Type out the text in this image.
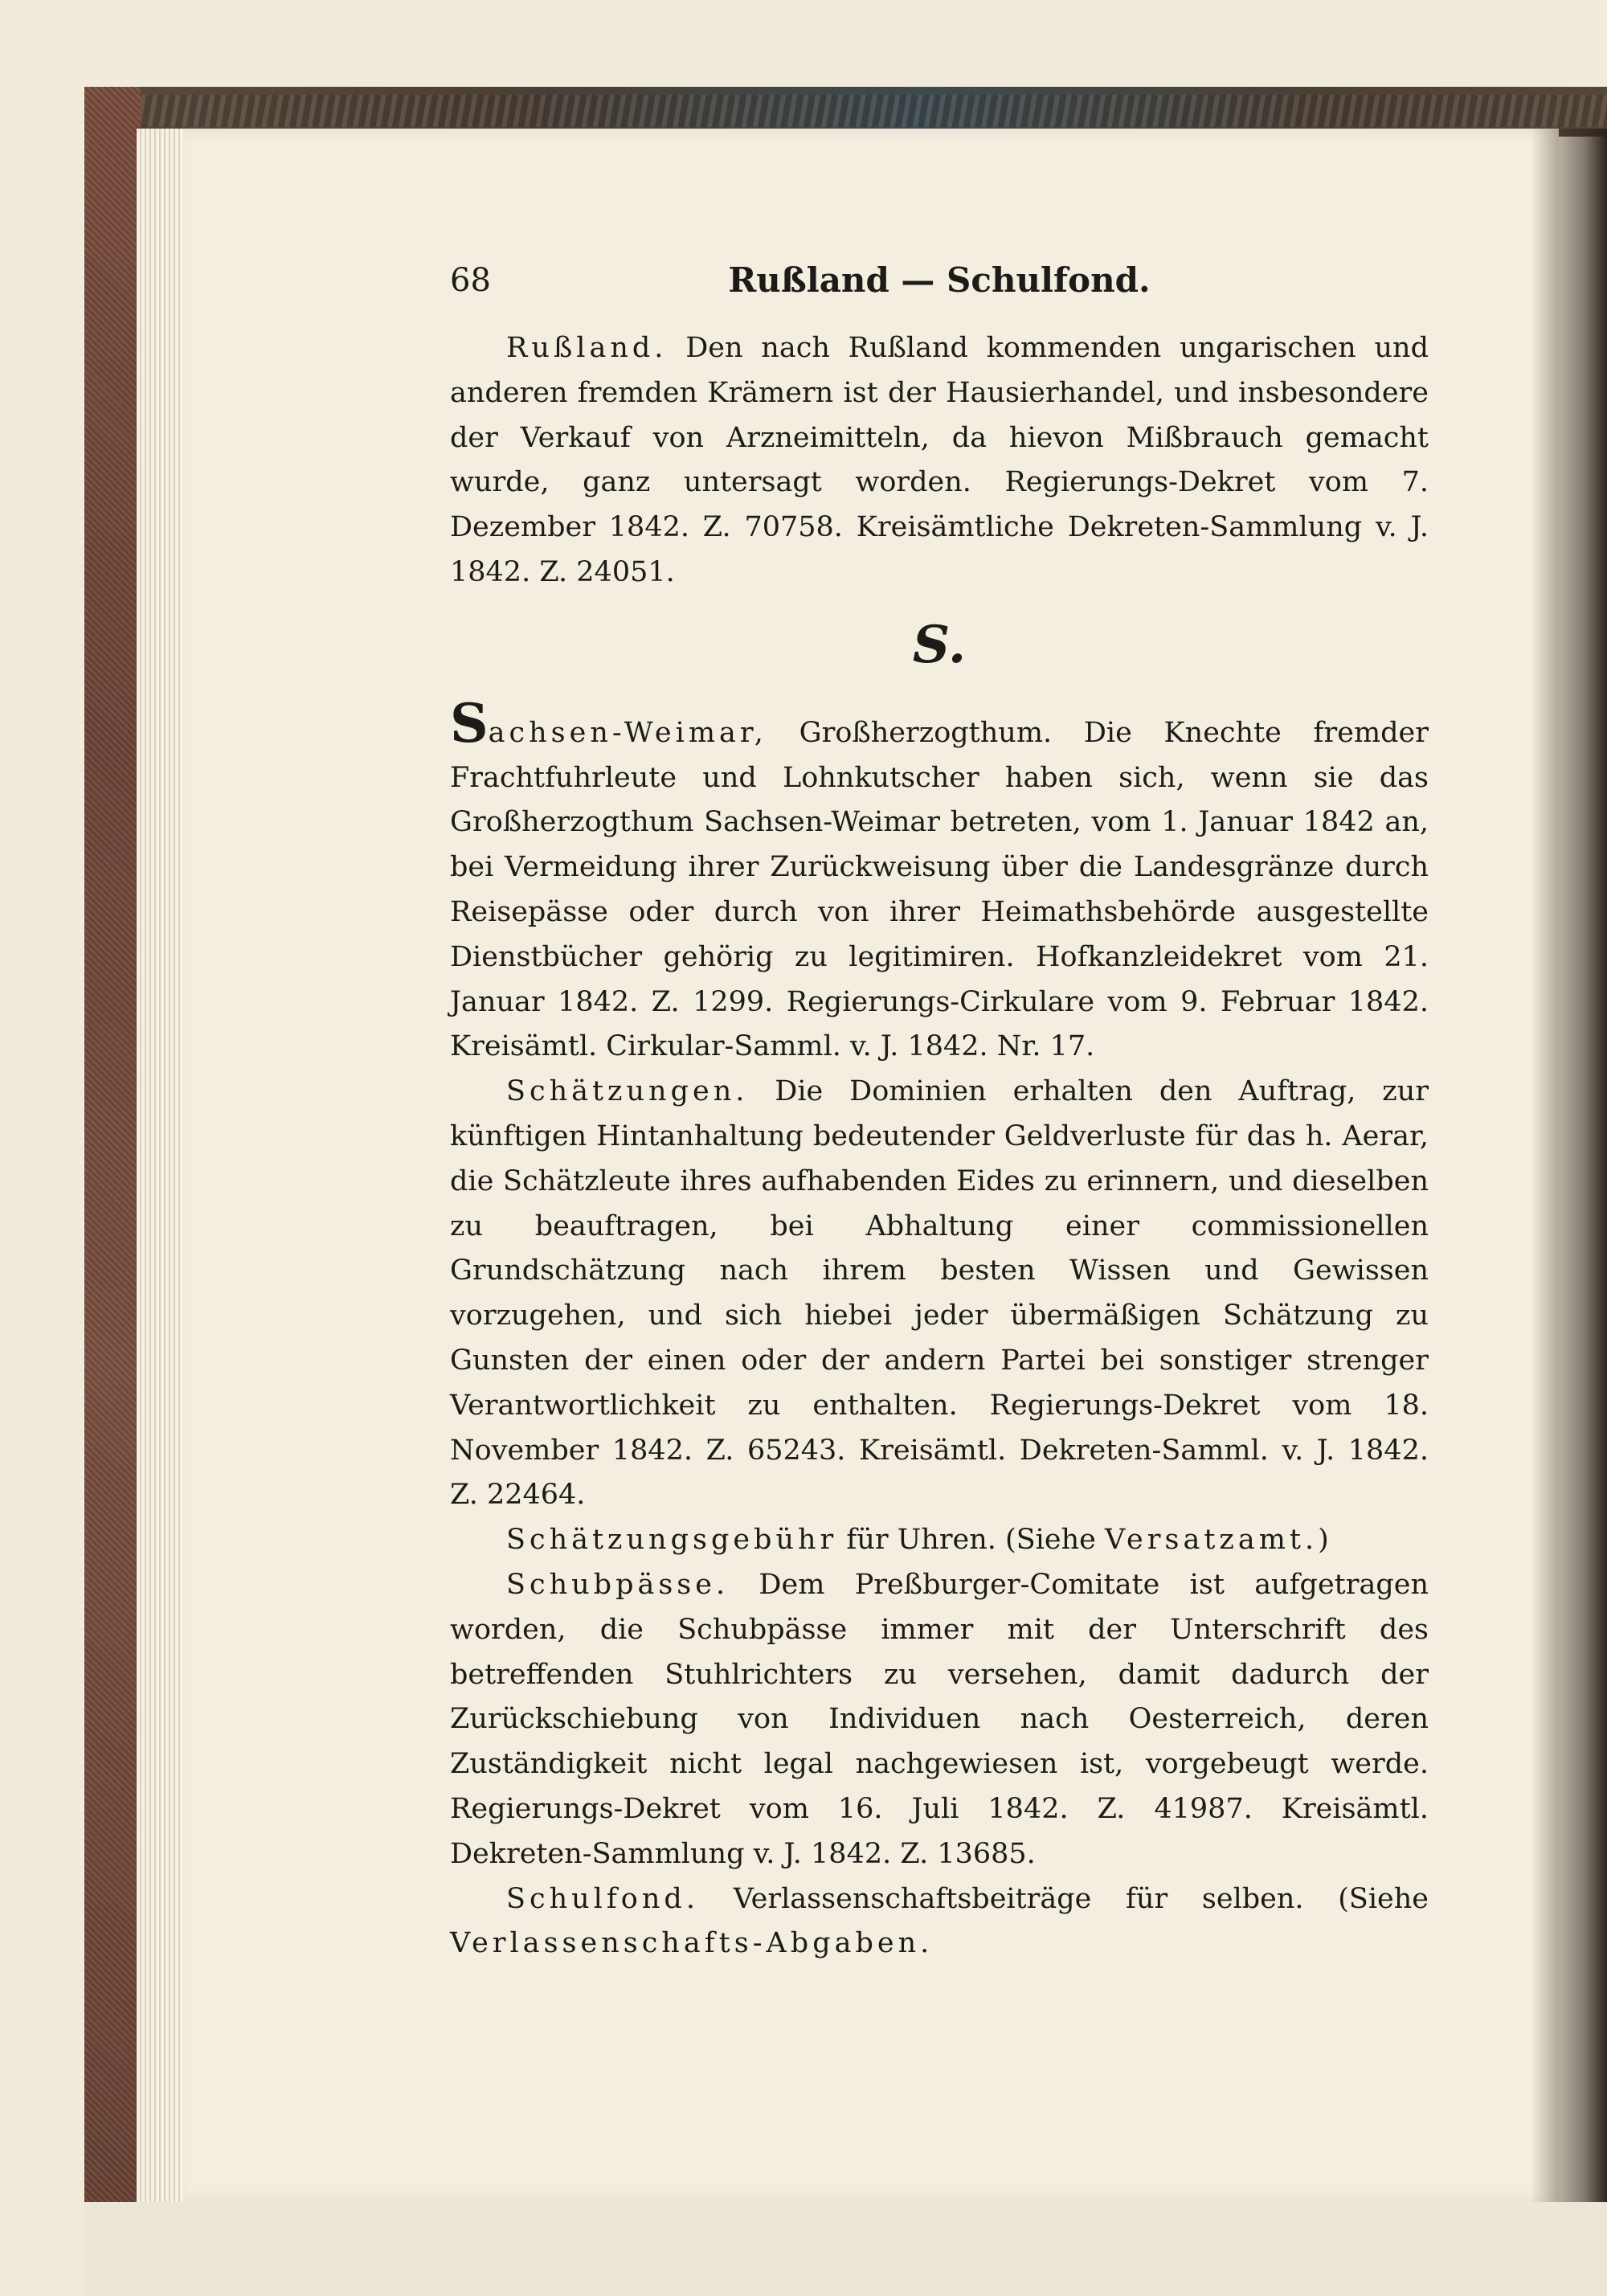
68	Rußland — Schulfond.

Rußland. Den nach Rußland kommenden ungarischen und anderen fremden Krämern ist der Hausierhandel, und insbesondere der Verkauf von Arzneimitteln, da hievon Mißbrauch gemacht wurde, ganz untersagt worden. Regierungs-Dekret vom 7. Dezember 1842. Z. 70758. Kreisämtliche Dekreten-Sammlung v. J. 1842. Z. 24051.

S.

Sachsen-Weimar, Großherzogthum. Die Knechte fremder Frachtfuhrleute und Lohnkutscher haben sich, wenn sie das Großherzogthum Sachsen-Weimar betreten, vom 1. Januar 1842 an, bei Vermeidung ihrer Zurückweisung über die Landesgränze durch Reisepässe oder durch von ihrer Heimathsbehörde ausgestellte Dienstbücher gehörig zu legitimiren. Hofkanzleidekret vom 21. Januar 1842. Z. 1299. Regierungs-Cirkulare vom 9. Februar 1842. Kreisämtl. Cirkular-Samml. v. J. 1842. Nr. 17.

Schätzungen. Die Dominien erhalten den Auftrag, zur künftigen Hintanhaltung bedeutender Geldverluste für das h. Aerar, die Schätzleute ihres aufhabenden Eides zu erinnern, und dieselben zu beauftragen, bei Abhaltung einer commissionellen Grundschätzung nach ihrem besten Wissen und Gewissen vorzugehen, und sich hiebei jeder übermäßigen Schätzung zu Gunsten der einen oder der andern Partei bei sonstiger strenger Verantwortlichkeit zu enthalten. Regierungs-Dekret vom 18. November 1842. Z. 65243. Kreisämtl. Dekreten-Samml. v. J. 1842. Z. 22464.

Schätzungsgebühr für Uhren. (Siehe Versatzamt.)

Schubpässe. Dem Preßburger-Comitate ist aufgetragen worden, die Schubpässe immer mit der Unterschrift des betreffenden Stuhlrichters zu versehen, damit dadurch der Zurückschiebung von Individuen nach Oesterreich, deren Zuständigkeit nicht legal nachgewiesen ist, vorgebeugt werde. Regierungs-Dekret vom 16. Juli 1842. Z. 41987. Kreisämtl. Dekreten-Sammlung v. J. 1842. Z. 13685.

Schulfond. Verlassenschaftsbeiträge für selben. (Siehe Verlassenschafts-Abgaben.
